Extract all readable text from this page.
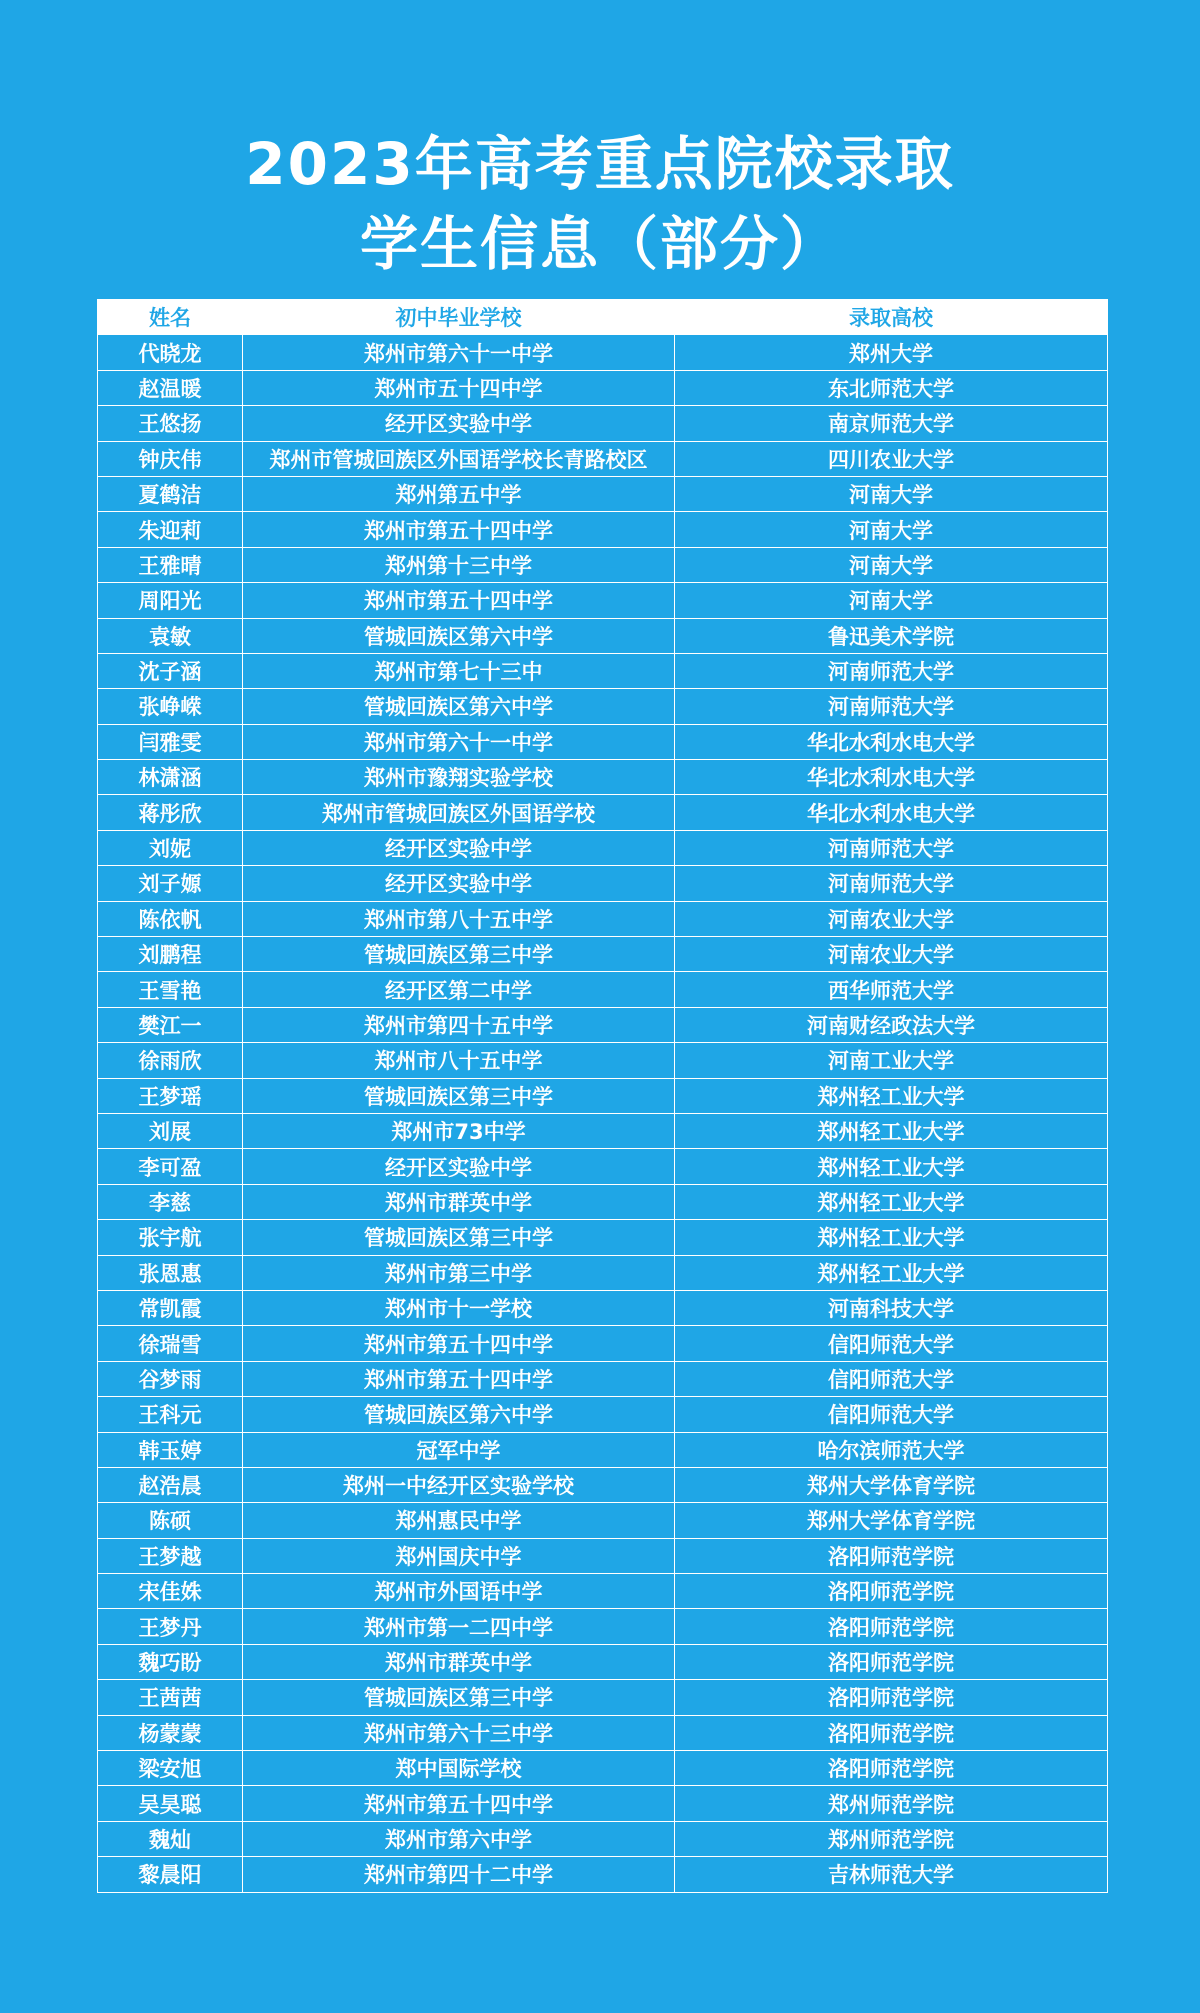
2023年高考重点院校录取
学生信息（部分）
姓名	初中毕业学校	录取高校
代晓龙	郑州市第六十一中学	郑州大学
赵温暖	郑州市五十四中学	东北师范大学
王悠扬	经开区实验中学	南京师范大学
钟庆伟	郑州市管城回族区外国语学校长青路校区	四川农业大学
夏鹤洁	郑州第五中学	河南大学
朱迎莉	郑州市第五十四中学	河南大学
王雅晴	郑州第十三中学	河南大学
周阳光	郑州市第五十四中学	河南大学
袁敏	管城回族区第六中学	鲁迅美术学院
沈子涵	郑州市第七十三中	河南师范大学
张峥嵘	管城回族区第六中学	河南师范大学
闫雅雯	郑州市第六十一中学	华北水利水电大学
林潇涵	郑州市豫翔实验学校	华北水利水电大学
蒋彤欣	郑州市管城回族区外国语学校	华北水利水电大学
刘妮	经开区实验中学	河南师范大学
刘子嫄	经开区实验中学	河南师范大学
陈依帆	郑州市第八十五中学	河南农业大学
刘鹏程	管城回族区第三中学	河南农业大学
王雪艳	经开区第二中学	西华师范大学
樊江一	郑州市第四十五中学	河南财经政法大学
徐雨欣	郑州市八十五中学	河南工业大学
王梦瑶	管城回族区第三中学	郑州轻工业大学
刘展	郑州市73中学	郑州轻工业大学
李可盈	经开区实验中学	郑州轻工业大学
李慈	郑州市群英中学	郑州轻工业大学
张宇航	管城回族区第三中学	郑州轻工业大学
张恩惠	郑州市第三中学	郑州轻工业大学
常凯霞	郑州市十一学校	河南科技大学
徐瑞雪	郑州市第五十四中学	信阳师范大学
谷梦雨	郑州市第五十四中学	信阳师范大学
王科元	管城回族区第六中学	信阳师范大学
韩玉婷	冠军中学	哈尔滨师范大学
赵浩晨	郑州一中经开区实验学校	郑州大学体育学院
陈硕	郑州惠民中学	郑州大学体育学院
王梦越	郑州国庆中学	洛阳师范学院
宋佳姝	郑州市外国语中学	洛阳师范学院
王梦丹	郑州市第一二四中学	洛阳师范学院
魏巧盼	郑州市群英中学	洛阳师范学院
王茜茜	管城回族区第三中学	洛阳师范学院
杨蒙蒙	郑州市第六十三中学	洛阳师范学院
梁安旭	郑中国际学校	洛阳师范学院
吴昊聪	郑州市第五十四中学	郑州师范学院
魏灿	郑州市第六中学	郑州师范学院
黎晨阳	郑州市第四十二中学	吉林师范大学
